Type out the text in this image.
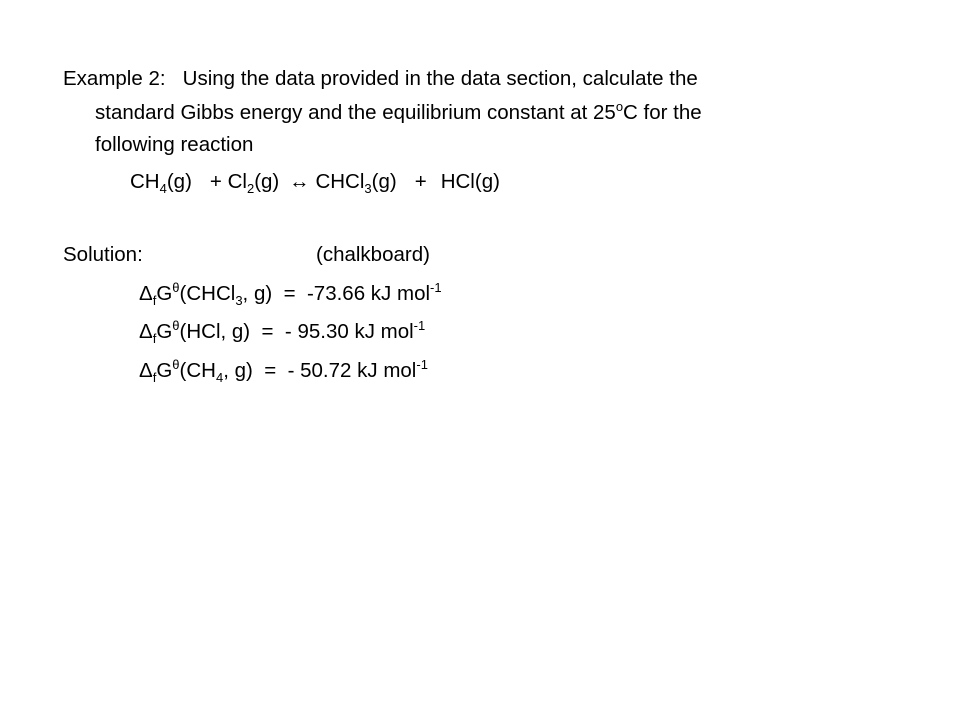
Example 2: Using the data provided in the data section, calculate the
standard Gibbs energy and the equilibrium constant at 25$^o$C for the
following reaction
$CH_4(g) + Cl_2(g)$ ↔ CHCl$_3$(g) + HCl(g)
Solution:	(chalkboard)
$\Delta_fG^\theta(CHCl_3$, g) = -73.66 kJ mol$^{-1}$
$\Delta_fG^\theta(HCl$, g) = - 95.30 kJ mol$^{-1}$
$\Delta_fG^\theta(CH_4$, g) = - 50.72 kJ mol$^{-1}$
